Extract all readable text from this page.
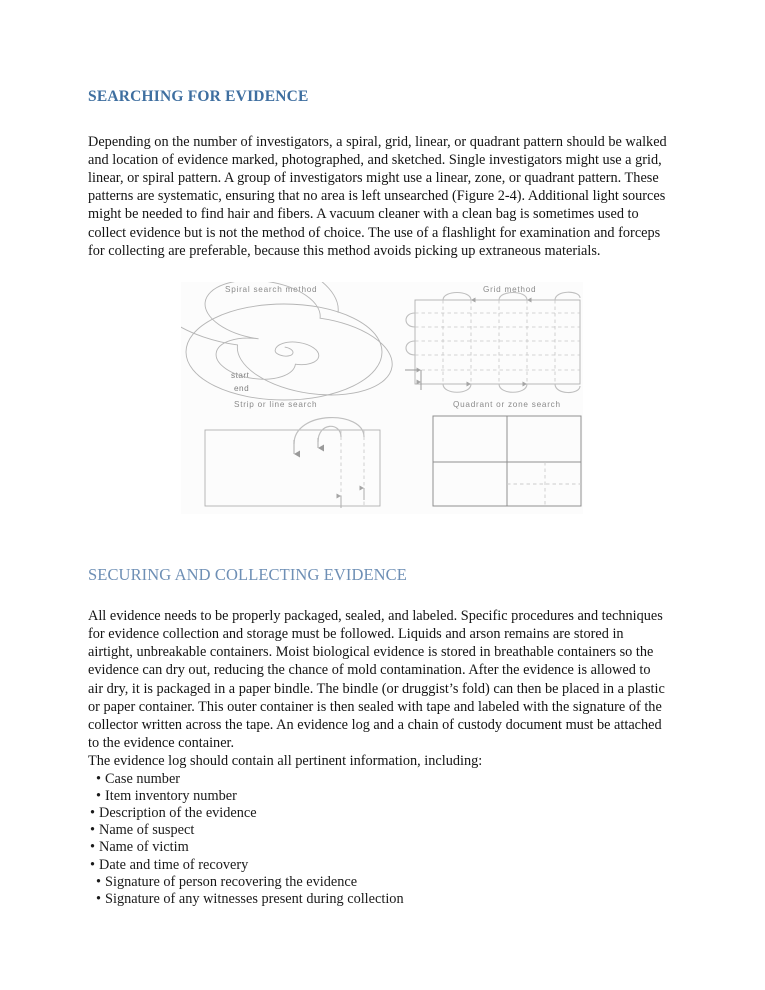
SEARCHING FOR EVIDENCE

Depending on the number of investigators, a spiral, grid, linear, or quadrant pattern should be walked and location of evidence marked, photographed, and sketched. Single investigators might use a grid, linear, or spiral pattern. A group of investigators might use a linear, zone, or quadrant pattern. These patterns are systematic, ensuring that no area is left unsearched (Figure 2-4). Additional light sources might be needed to find hair and fibers. A vacuum cleaner with a clean bag is sometimes used to collect evidence but is not the method of choice. The use of a flashlight for examination and forceps for collecting are preferable, because this method avoids picking up extraneous materials.

Spiral search method	Grid method
Strip or line search	Quadrant or zone search
start
end
SECURING AND COLLECTING EVIDENCE

All evidence needs to be properly packaged, sealed, and labeled. Specific procedures and techniques for evidence collection and storage must be followed. Liquids and arson remains are stored in airtight, unbreakable containers. Moist biological evidence is stored in breathable containers so the evidence can dry out, reducing the chance of mold contamination. After the evidence is allowed to air dry, it is packaged in a paper bindle. The bindle (or druggist’s fold) can then be placed in a plastic or paper container. This outer container is then sealed with tape and labeled with the signature of the collector written across the tape. An evidence log and a chain of custody document must be attached to the evidence container.

The evidence log should contain all pertinent information, including:

• Case number
• Item inventory number
• Description of the evidence
• Name of suspect
• Name of victim
• Date and time of recovery
• Signature of person recovering the evidence
• Signature of any witnesses present during collection
